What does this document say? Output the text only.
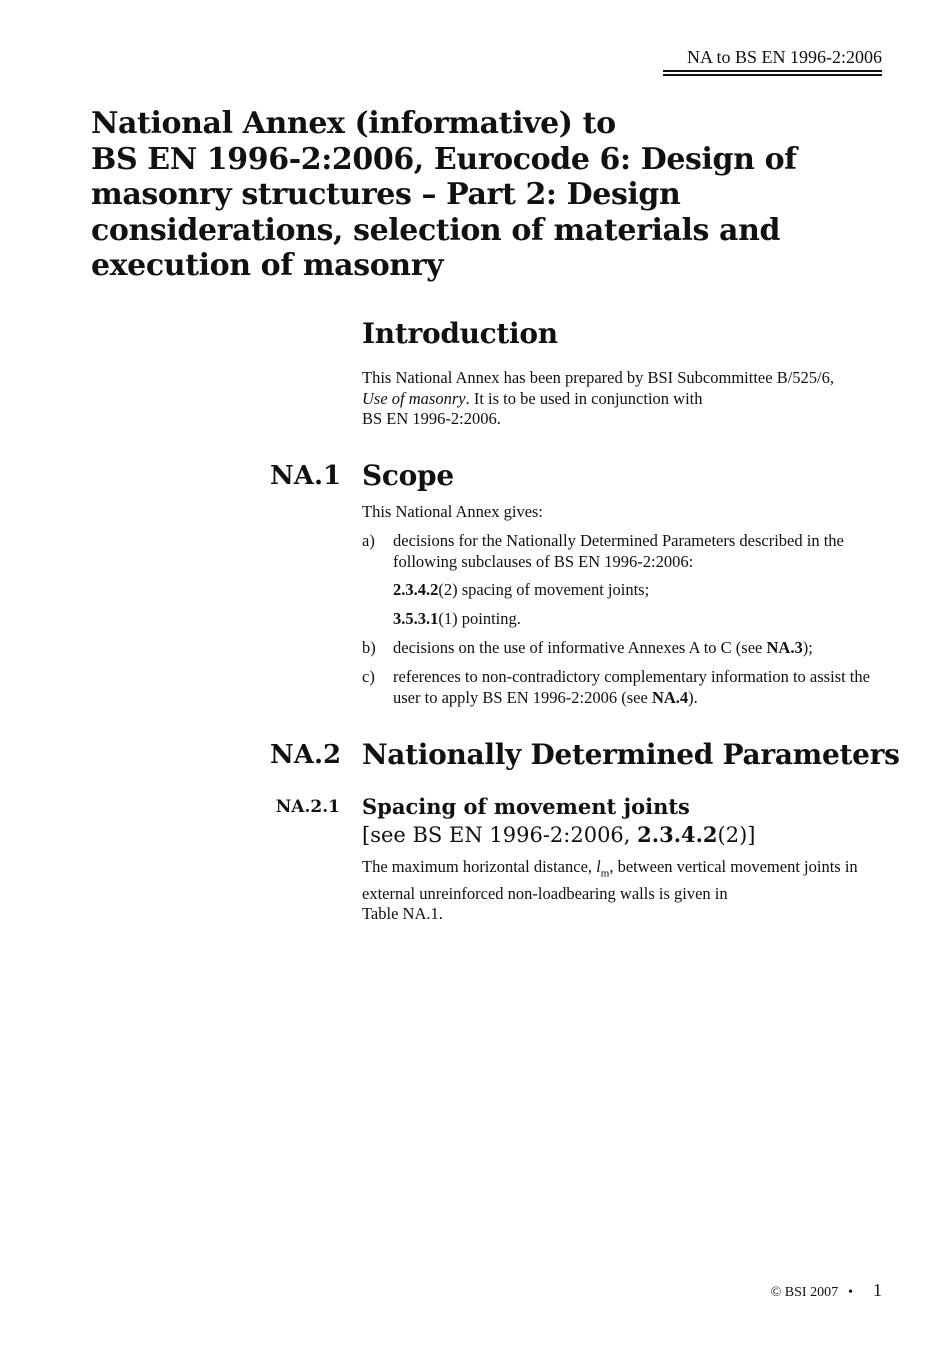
NA to BS EN 1996-2:2006
National Annex (informative) to
BS EN 1996-2:2006, Eurocode 6: Design of
masonry structures – Part 2: Design
considerations, selection of materials and
execution of masonry
Introduction

This National Annex has been prepared by BSI Subcommittee B/525/6,
Use of masonry. It is to be used in conjunction with
BS EN 1996-2:2006.

NA.1 Scope

This National Annex gives:

a) decisions for the Nationally Determined Parameters described in the following subclauses of BS EN 1996-2:2006:
2.3.4.2(2) spacing of movement joints;
3.5.3.1(1) pointing.
b) decisions on the use of informative Annexes A to C (see NA.3);
c) references to non-contradictory complementary information to assist the user to apply BS EN 1996-2:2006 (see NA.4).
NA.2 Nationally Determined Parameters
NA.2.1 Spacing of movement joints
[see BS EN 1996-2:2006, 2.3.4.2(2)]

The maximum horizontal distance, $l_m$, between vertical movement joints in external unreinforced non-loadbearing walls is given in
Table NA.1.

© BSI 2007 • 1
